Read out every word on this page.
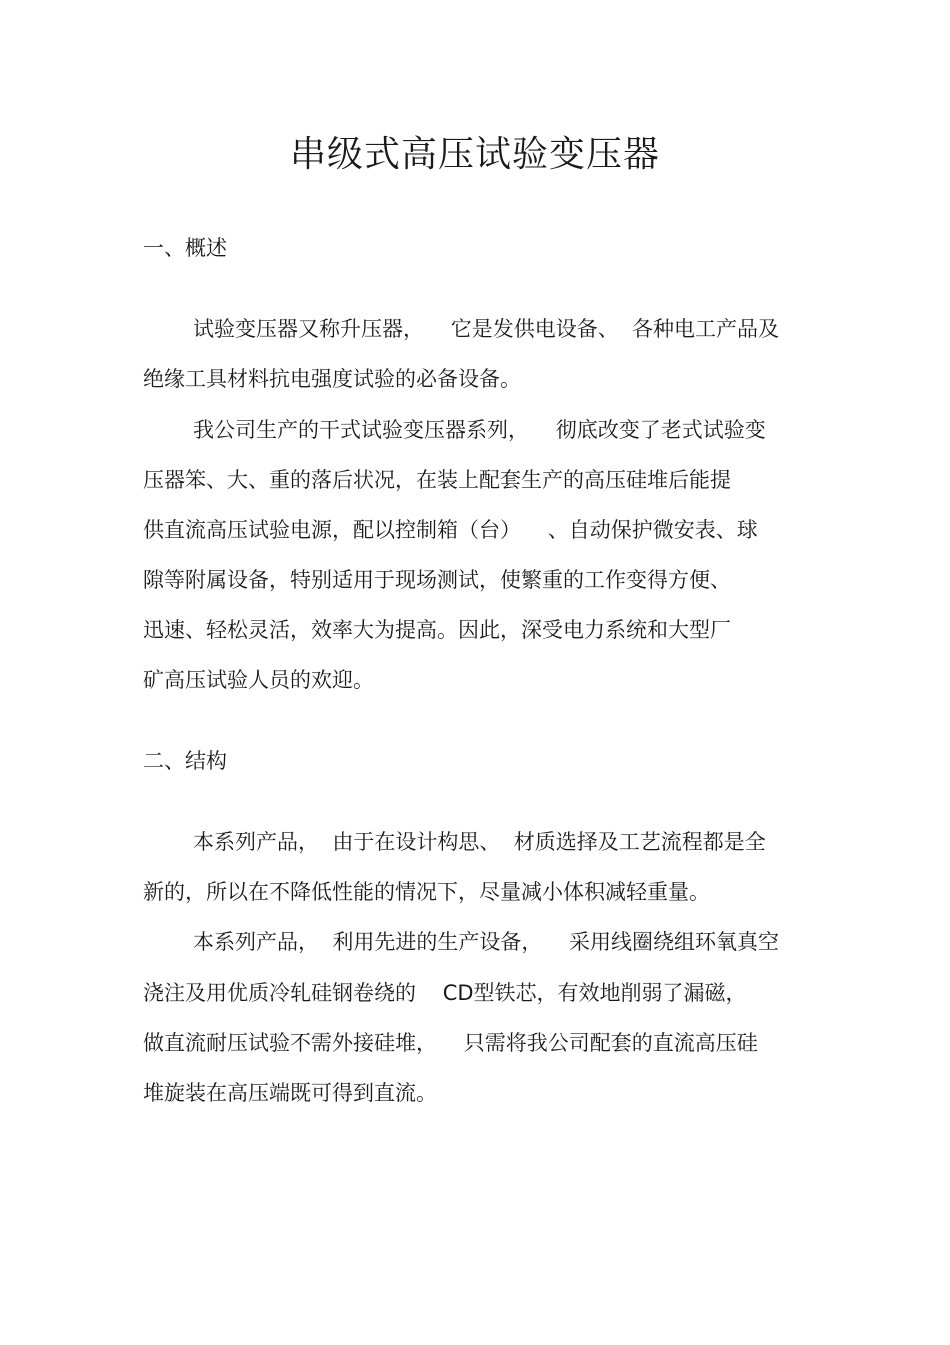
串级式高压试验变压器
一、概述
试验变压器又称升压器，    它是发供电设备、  各种电工产品及
绝缘工具材料抗电强度试验的必备设备。
我公司生产的干式试验变压器系列，    彻底改变了老式试验变
压器笨、大、重的落后状况，在装上配套生产的高压硅堆后能提
供直流高压试验电源，配以控制箱（台）    、自动保护微安表、球
隙等附属设备，特别适用于现场测试，使繁重的工作变得方便、
迅速、轻松灵活，效率大为提高。因此，深受电力系统和大型厂
矿高压试验人员的欢迎。
二、结构
本系列产品，  由于在设计构思、  材质选择及工艺流程都是全
新的，所以在不降低性能的情况下，尽量减小体积减轻重量。
本系列产品，  利用先进的生产设备，    采用线圈绕组环氧真空
浇注及用优质冷轧硅钢卷绕的    CD型铁芯，有效地削弱了漏磁，
做直流耐压试验不需外接硅堆，    只需将我公司配套的直流高压硅
堆旋装在高压端既可得到直流。
